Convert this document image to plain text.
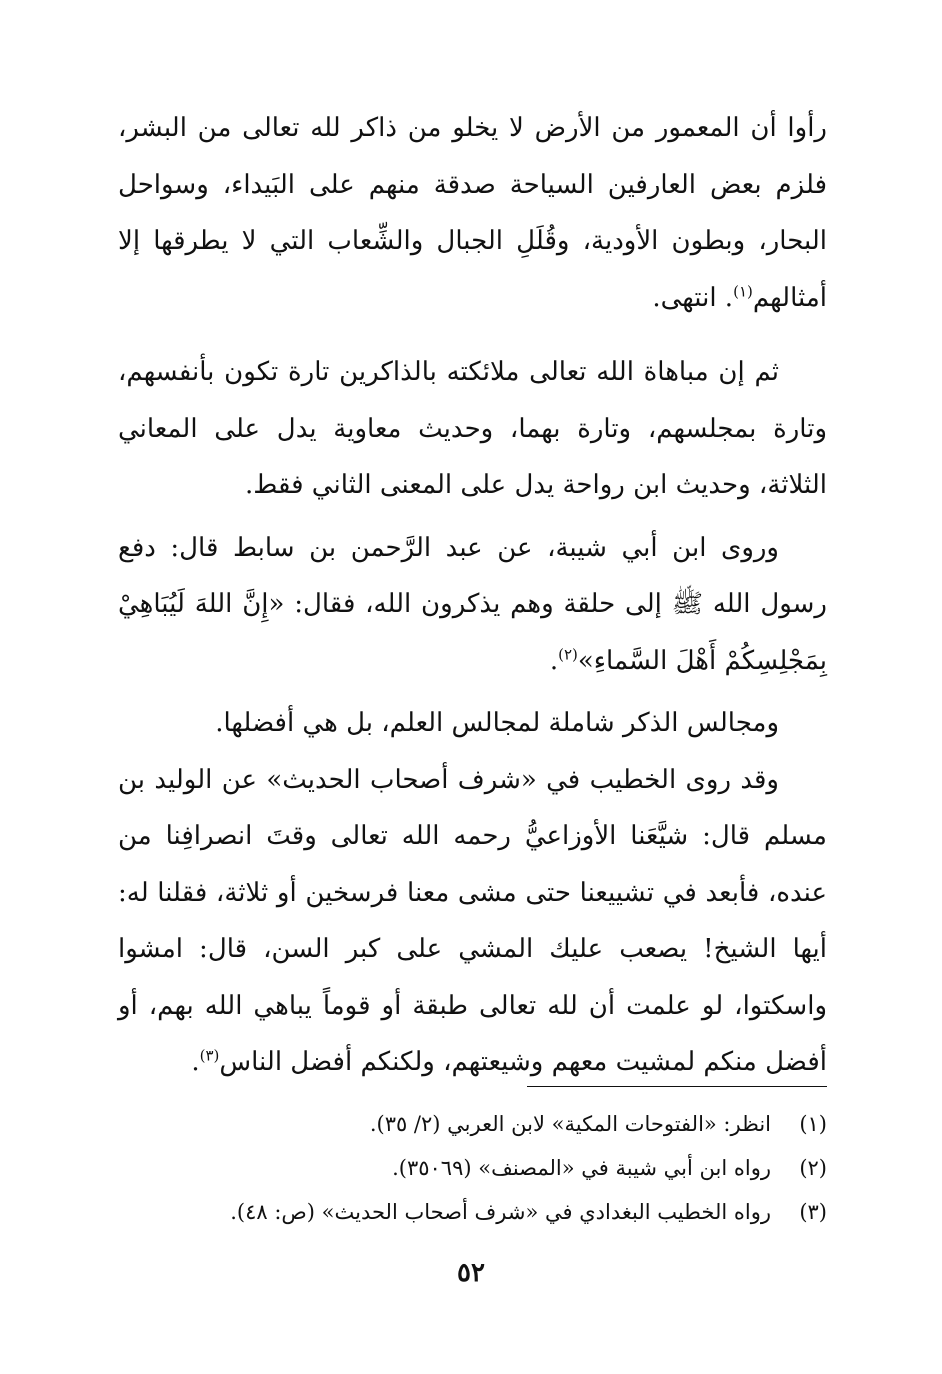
رأوا أن المعمور من الأرض لا يخلو من ذاكر لله تعالى من البشر، فلزم بعض العارفين السياحة صدقة منهم على البَيداء، وسواحل البحار، وبطون الأودية، وقُلَلِ الجبال والشِّعاب التي لا يطرقها إلا أمثالهم$^{(١)}$. انتهى.

ثم إن مباهاة الله تعالى ملائكته بالذاكرين تارة تكون بأنفسهم، وتارة بمجلسهم، وتارة بهما، وحديث معاوية يدل على المعاني الثلاثة، وحديث ابن رواحة يدل على المعنى الثاني فقط.

وروى ابن أبي شيبة، عن عبد الرَّحمن بن سابط قال: دفع رسول الله ﷺ إلى حلقة وهم يذكرون الله، فقال: «إِنَّ اللهَ لَيُبَاهِيْ بِمَجْلِسِكُمْ أَهْلَ السَّماءِ»$^{(٢)}$.

ومجالس الذكر شاملة لمجالس العلم، بل هي أفضلها.

وقد روى الخطيب في «شرف أصحاب الحديث» عن الوليد بن مسلم قال: شيَّعَنا الأوزاعيُّ رحمه الله تعالى وقتَ انصرافِنا من عنده، فأبعد في تشييعنا حتى مشى معنا فرسخين أو ثلاثة، فقلنا له: أيها الشيخ! يصعب عليك المشي على كبر السن، قال: امشوا واسكتوا، لو علمت أن لله تعالى طبقة أو قوماً يباهي الله بهم، أو أفضل منكم لمشيت معهم وشيعتهم، ولكنكم أفضل الناس$^{(٣)}$.

(١)انظر: «الفتوحات المكية» لابن العربي (٢/ ٣٥).

(٢)رواه ابن أبي شيبة في «المصنف» (٣٥٠٦٩).

(٣)رواه الخطيب البغدادي في «شرف أصحاب الحديث» (ص: ٤٨).

٥٢
